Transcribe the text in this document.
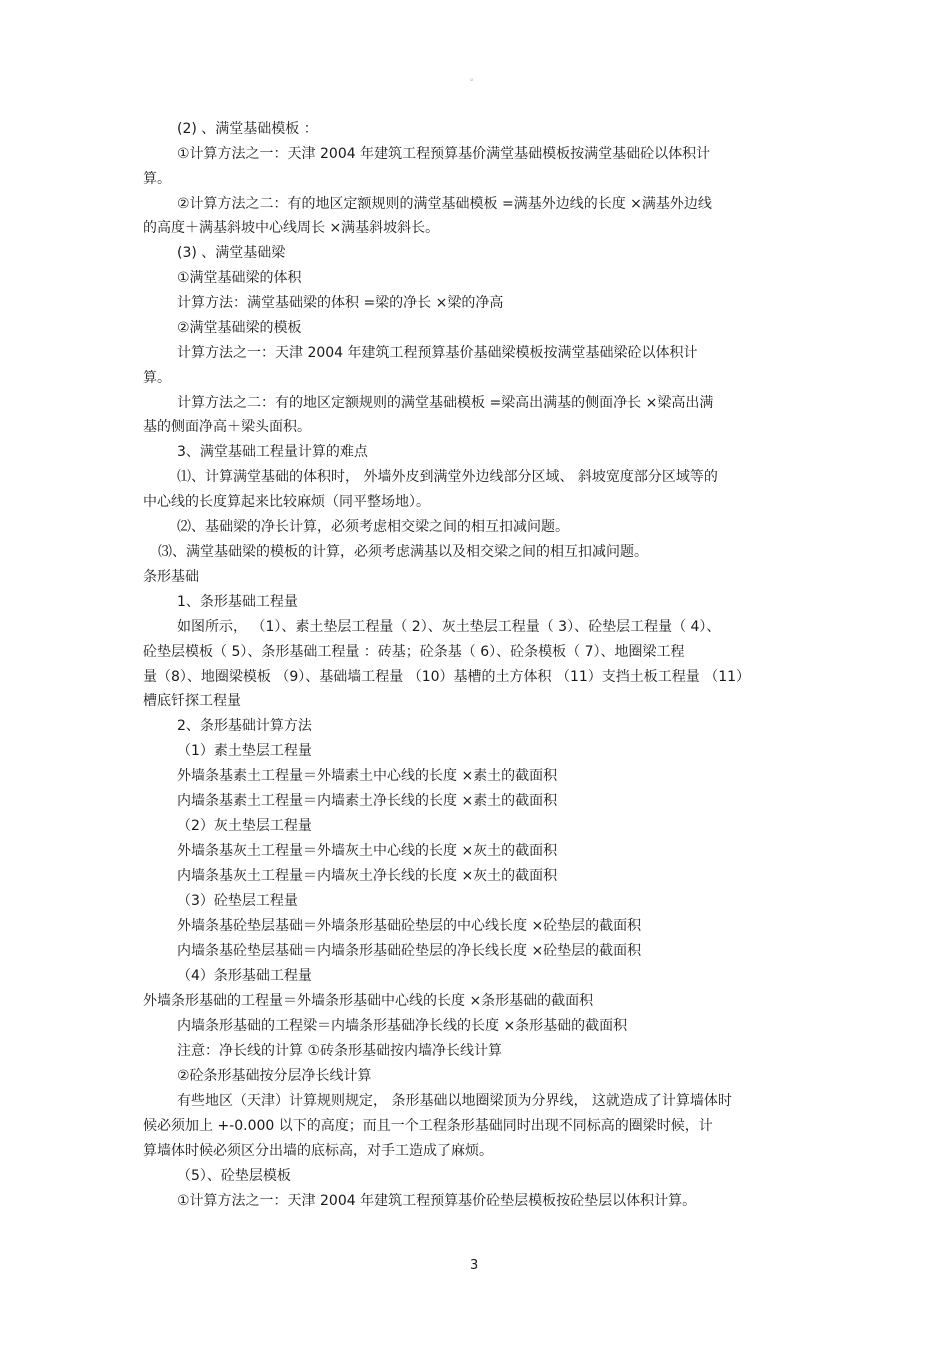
。
(2) 、满堂基础模板 ：
①计算方法之一：天津 2004 年建筑工程预算基价满堂基础模板按满堂基础砼以体积计
算。
②计算方法之二：有的地区定额规则的满堂基础模板 =满基外边线的长度 ×满基外边线
的高度＋满基斜坡中心线周长 ×满基斜坡斜长。
(3) 、满堂基础梁
①满堂基础梁的体积
计算方法：满堂基础梁的体积 =梁的净长 ×梁的净高
②满堂基础梁的模板
计算方法之一：天津 2004 年建筑工程预算基价基础梁模板按满堂基础梁砼以体积计
算。
计算方法之二：有的地区定额规则的满堂基础模板 =梁高出满基的侧面净长 ×梁高出满
基的侧面净高＋梁头面积。
3、满堂基础工程量计算的难点
⑴、计算满堂基础的体积时， 外墙外皮到满堂外边线部分区域、 斜坡宽度部分区域等的
中心线的长度算起来比较麻烦（同平整场地）。
⑵、基础梁的净长计算，必须考虑相交梁之间的相互扣减问题。
⑶、满堂基础梁的模板的计算，必须考虑满基以及相交梁之间的相互扣减问题。
条形基础
1、条形基础工程量
如图所示， （1）、素土垫层工程量（ 2）、灰土垫层工程量（ 3）、砼垫层工程量（ 4）、
砼垫层模板（ 5）、条形基础工程量 ：砖基；砼条基（ 6）、砼条模板（ 7）、地圈梁工程
量（8）、地圈梁模板 （9）、基础墙工程量 （10）基槽的土方体积 （11）支挡土板工程量 （11）
槽底钎探工程量
2、条形基础计算方法
（1）素土垫层工程量
外墙条基素土工程量＝外墙素土中心线的长度 ×素土的截面积
内墙条基素土工程量＝内墙素土净长线的长度 ×素土的截面积
（2）灰土垫层工程量
外墙条基灰土工程量＝外墙灰土中心线的长度 ×灰土的截面积
内墙条基灰土工程量＝内墙灰土净长线的长度 ×灰土的截面积
（3）砼垫层工程量
外墙条基砼垫层基础＝外墙条形基础砼垫层的中心线长度 ×砼垫层的截面积
内墙条基砼垫层基础＝内墙条形基础砼垫层的净长线长度 ×砼垫层的截面积
（4）条形基础工程量
外墙条形基础的工程量＝外墙条形基础中心线的长度 ×条形基础的截面积
内墙条形基础的工程梁＝内墙条形基础净长线的长度 ×条形基础的截面积
注意：净长线的计算 ①砖条形基础按内墙净长线计算
②砼条形基础按分层净长线计算
有些地区（天津）计算规则规定， 条形基础以地圈梁顶为分界线， 这就造成了计算墙体时
候必须加上 +-0.000 以下的高度；而且一个工程条形基础同时出现不同标高的圈梁时候，计
算墙体时候必须区分出墙的底标高，对手工造成了麻烦。
（5）、砼垫层模板
①计算方法之一：天津 2004 年建筑工程预算基价砼垫层模板按砼垫层以体积计算。
3
